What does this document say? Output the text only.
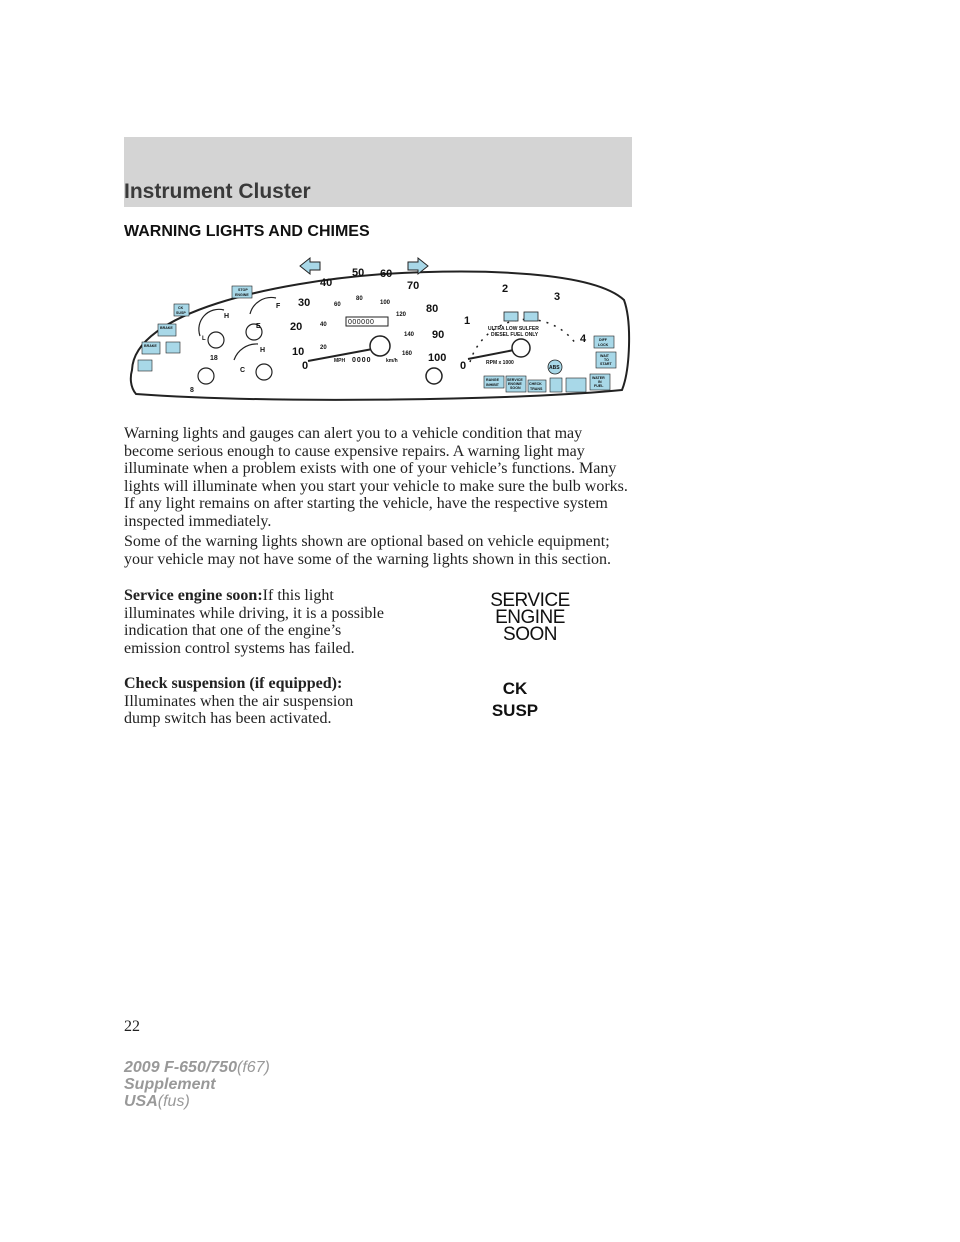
Instrument Cluster
WARNING LIGHTS AND CHIMES
0
10
20
30
40
50 60
70
80
90
100
20
40
60
80
100
120
140
160
000000
MPH 0000	km/h	0
1
2
3
4
ULTRA LOW SULFER
DIESEL FUEL ONLY
RPM x 1000
ABS
H
L
F
E
18
8
H
C
CK
SUSP
BRAKE
BRAKE
STOP
ENGINE
DIFF
LOCK
WAIT
TO
START
WATER
IN
FUEL
RANGE
INHIBIT
SERVICE
ENGINE
SOON
CHECK
TRANS

Warning lights and gauges can alert you to a vehicle condition that may become serious enough to cause expensive repairs. A warning light may illuminate when a problem exists with one of your vehicle’s functions. Many lights will illuminate when you start your vehicle to make sure the bulb works. If any light remains on after starting the vehicle, have the respective system inspected immediately.

Some of the warning lights shown are optional based on vehicle equipment; your vehicle may not have some of the warning lights shown in this section.

Service engine soon:If this light illuminates while driving, it is a possible indication that one of the engine’s emission control systems has failed.

SERVICE
ENGINE
SOON

Check suspension (if equipped):
Illuminates when the air suspension dump switch has been activated.

CK
SUSP
22
2009 F-650/750(f67)
Supplement
USA(fus)
